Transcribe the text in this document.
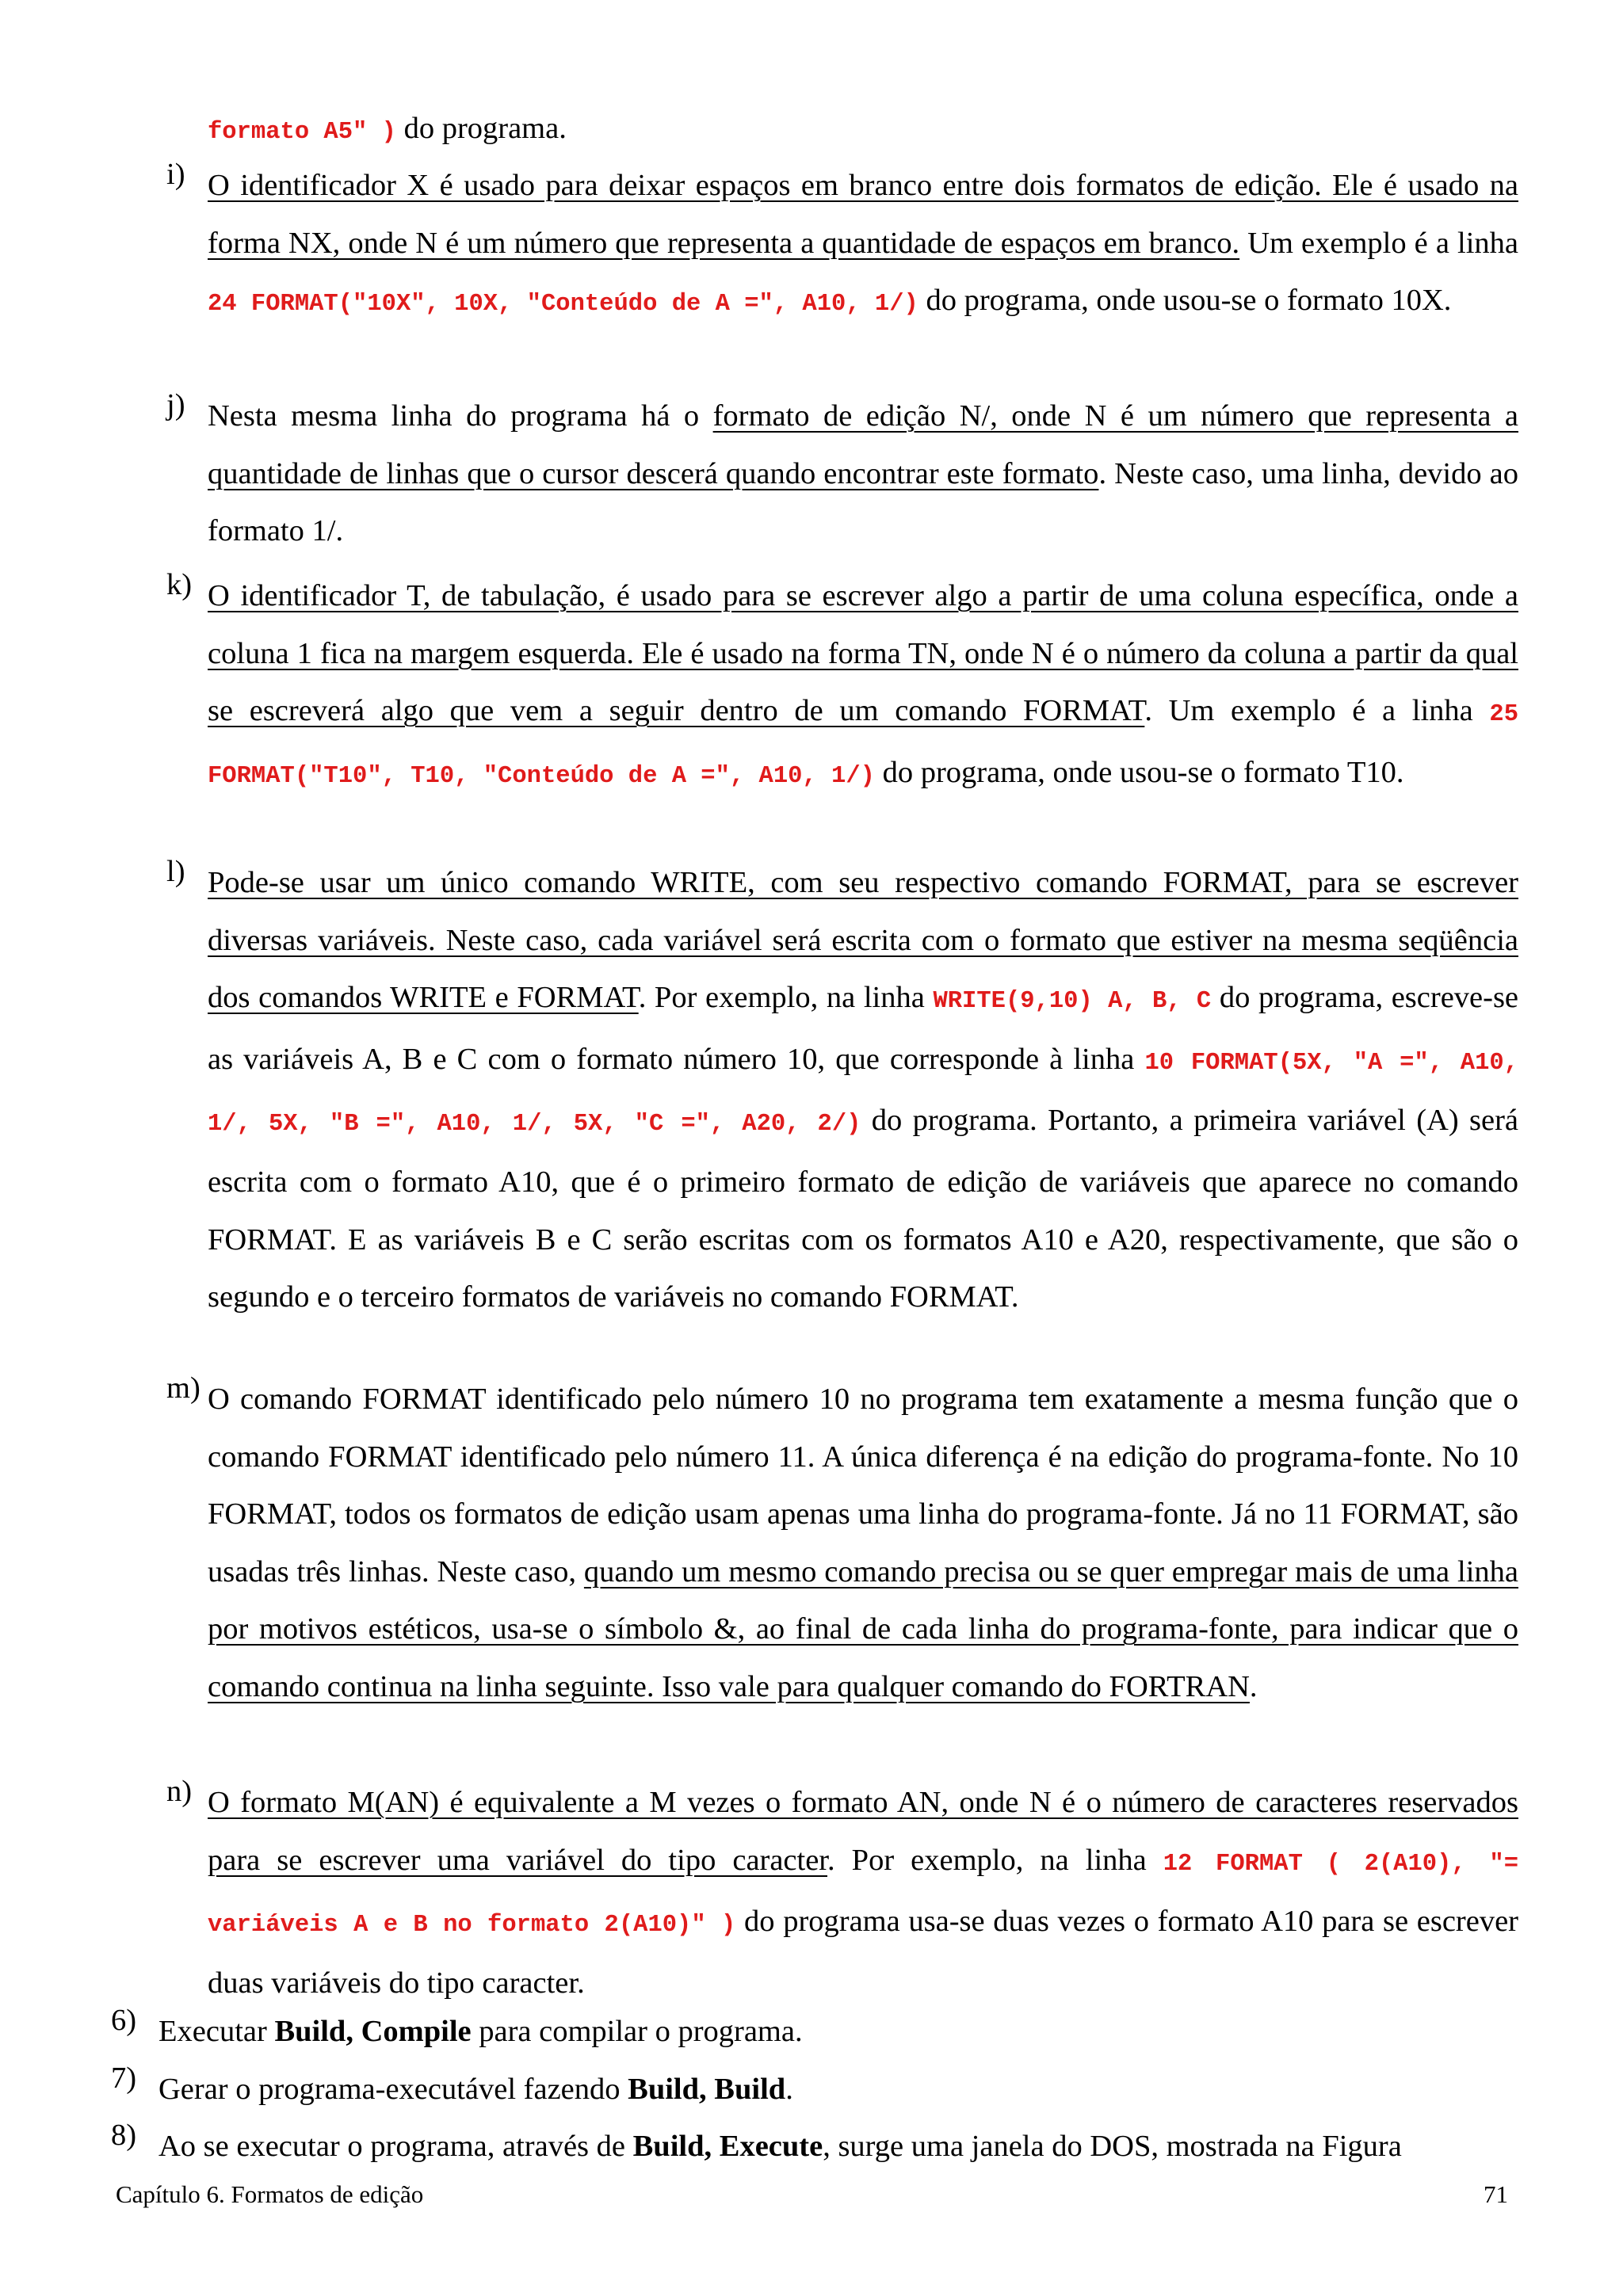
formato A5" ) do programa.

i) O identificador X é usado para deixar espaços em branco entre dois formatos de edição. Ele é usado na forma NX, onde N é um número que representa a quantidade de espaços em branco. Um exemplo é a linha 24 FORMAT("10X", 10X, "Conteúdo de A =", A10, 1/) do programa, onde usou-se o formato 10X.

j) Nesta mesma linha do programa há o formato de edição N/, onde N é um número que representa a quantidade de linhas que o cursor descerá quando encontrar este formato. Neste caso, uma linha, devido ao formato 1/.

k) O identificador T, de tabulação, é usado para se escrever algo a partir de uma coluna específica, onde a coluna 1 fica na margem esquerda. Ele é usado na forma TN, onde N é o número da coluna a partir da qual se escreverá algo que vem a seguir dentro de um comando FORMAT. Um exemplo é a linha 25 FORMAT("T10", T10, "Conteúdo de A =", A10, 1/) do programa, onde usou-se o formato T10.

l) Pode-se usar um único comando WRITE, com seu respectivo comando FORMAT, para se escrever diversas variáveis. Neste caso, cada variável será escrita com o formato que estiver na mesma seqüência dos comandos WRITE e FORMAT. Por exemplo, na linha WRITE(9,10) A, B, C do programa, escreve-se as variáveis A, B e C com o formato número 10, que corresponde à linha 10 FORMAT(5X, "A =", A10, 1/, 5X, "B =", A10, 1/, 5X, "C =", A20, 2/) do programa. Portanto, a primeira variável (A) será escrita com o formato A10, que é o primeiro formato de edição de variáveis que aparece no comando FORMAT. E as variáveis B e C serão escritas com os formatos A10 e A20, respectivamente, que são o segundo e o terceiro formatos de variáveis no comando FORMAT.

m) O comando FORMAT identificado pelo número 10 no programa tem exatamente a mesma função que o comando FORMAT identificado pelo número 11. A única diferença é na edição do programa-fonte. No 10 FORMAT, todos os formatos de edição usam apenas uma linha do programa-fonte. Já no 11 FORMAT, são usadas três linhas. Neste caso, quando um mesmo comando precisa ou se quer empregar mais de uma linha por motivos estéticos, usa-se o símbolo &, ao final de cada linha do programa-fonte, para indicar que o comando continua na linha seguinte. Isso vale para qualquer comando do FORTRAN.

n) O formato M(AN) é equivalente a M vezes o formato AN, onde N é o número de caracteres reservados para se escrever uma variável do tipo caracter. Por exemplo, na linha 12 FORMAT ( 2(A10), "= variáveis A e B no formato 2(A10)" ) do programa usa-se duas vezes o formato A10 para se escrever duas variáveis do tipo caracter.

6) Executar Build, Compile para compilar o programa.

7) Gerar o programa-executável fazendo Build, Build.

8) Ao se executar o programa, através de Build, Execute, surge uma janela do DOS, mostrada na Figura

Capítulo 6. Formatos de edição	71
